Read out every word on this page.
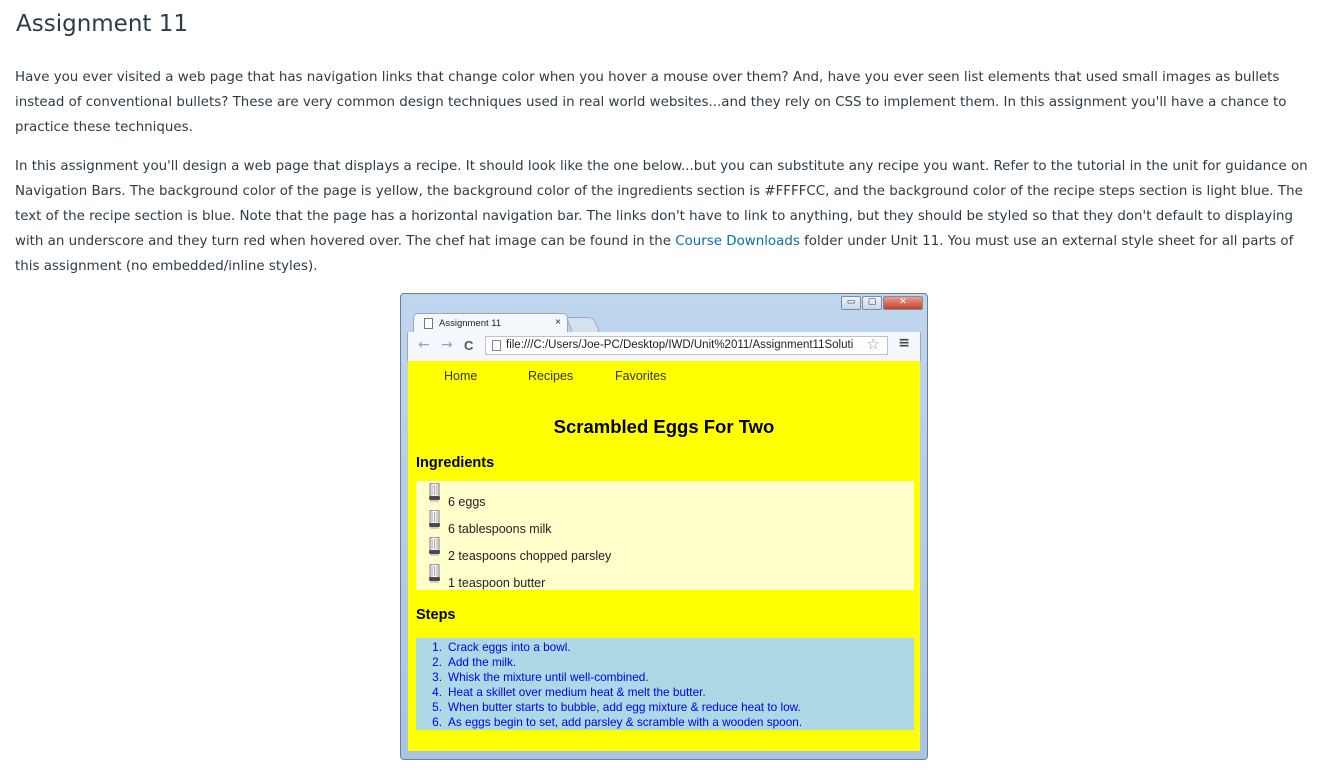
Assignment 11

Have you ever visited a web page that has navigation links that change color when you hover a mouse over them? And, have you ever seen list elements that used small images as bullets instead of conventional bullets? These are very common design techniques used in real world websites...and they rely on CSS to implement them. In this assignment you'll have a chance to practice these techniques.

In this assignment you'll design a web page that displays a recipe. It should look like the one below...but you can substitute any recipe you want. Refer to the tutorial in the unit for guidance on Navigation Bars. The background color of the page is yellow, the background color of the ingredients section is #FFFFCC, and the background color of the recipe steps section is light blue. The text of the recipe section is blue. Note that the page has a horizontal navigation bar. The links don't have to link to anything, but they should be styled so that they don't default to displaying with an underscore and they turn red when hovered over. The chef hat image can be found in the Course Downloads folder under Unit 11. You must use an external style sheet for all parts of this assignment (no embedded/inline styles).

▭	▢	✕
Assignment 11	×
← → C	file:///C:/Users/Joe-PC/Desktop/IWD/Unit%2011/Assignment11Soluti ☆ ≡
Home	Recipes	Favorites
Scrambled Eggs For Two
Ingredients
6 eggs
6 tablespoons milk
2 teaspoons chopped parsley
1 teaspoon butter
Steps
1. Crack eggs into a bowl.
2. Add the milk.
3. Whisk the mixture until well-combined.
4. Heat a skillet over medium heat & melt the butter.
5. When butter starts to bubble, add egg mixture & reduce heat to low.
6. As eggs begin to set, add parsley & scramble with a wooden spoon.
